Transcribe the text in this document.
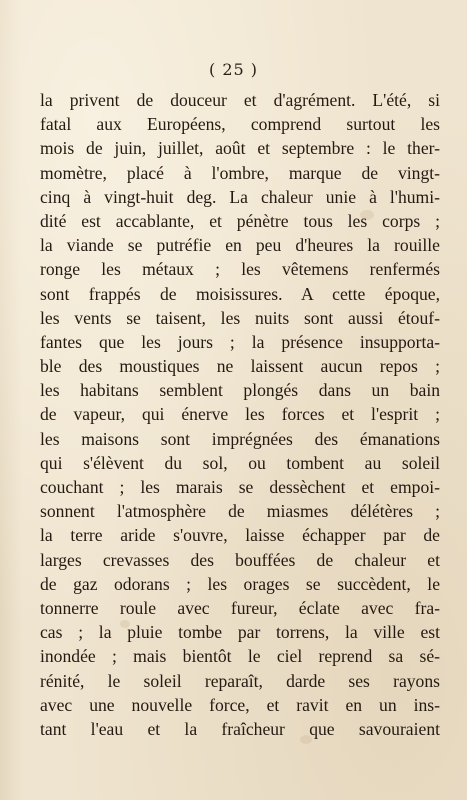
( 25 )
la privent de douceur et d'agrément. L'été, si
fatal aux Européens, comprend surtout les
mois de juin, juillet, août et septembre : le ther-
momètre, placé à l'ombre, marque de vingt-
cinq à vingt-huit deg. La chaleur unie à l'humi-
dité est accablante, et pénètre tous les corps ;
la viande se putréfie en peu d'heures la rouille
ronge les métaux ; les vêtemens renfermés
sont frappés de moisissures. A cette époque,
les vents se taisent, les nuits sont aussi étouf-
fantes que les jours ; la présence insupporta-
ble des moustiques ne laissent aucun repos ;
les habitans semblent plongés dans un bain
de vapeur, qui énerve les forces et l'esprit ;
les maisons sont imprégnées des émanations
qui s'élèvent du sol, ou tombent au soleil
couchant ; les marais se dessèchent et empoi-
sonnent l'atmosphère de miasmes délétères ;
la terre aride s'ouvre, laisse échapper par de
larges crevasses des bouffées de chaleur et
de gaz odorans ; les orages se succèdent, le
tonnerre roule avec fureur, éclate avec fra-
cas ; la pluie tombe par torrens, la ville est
inondée ; mais bientôt le ciel reprend sa sé-
rénité, le soleil reparaît, darde ses rayons
avec une nouvelle force, et ravit en un ins-
tant l'eau et la fraîcheur que savouraient
